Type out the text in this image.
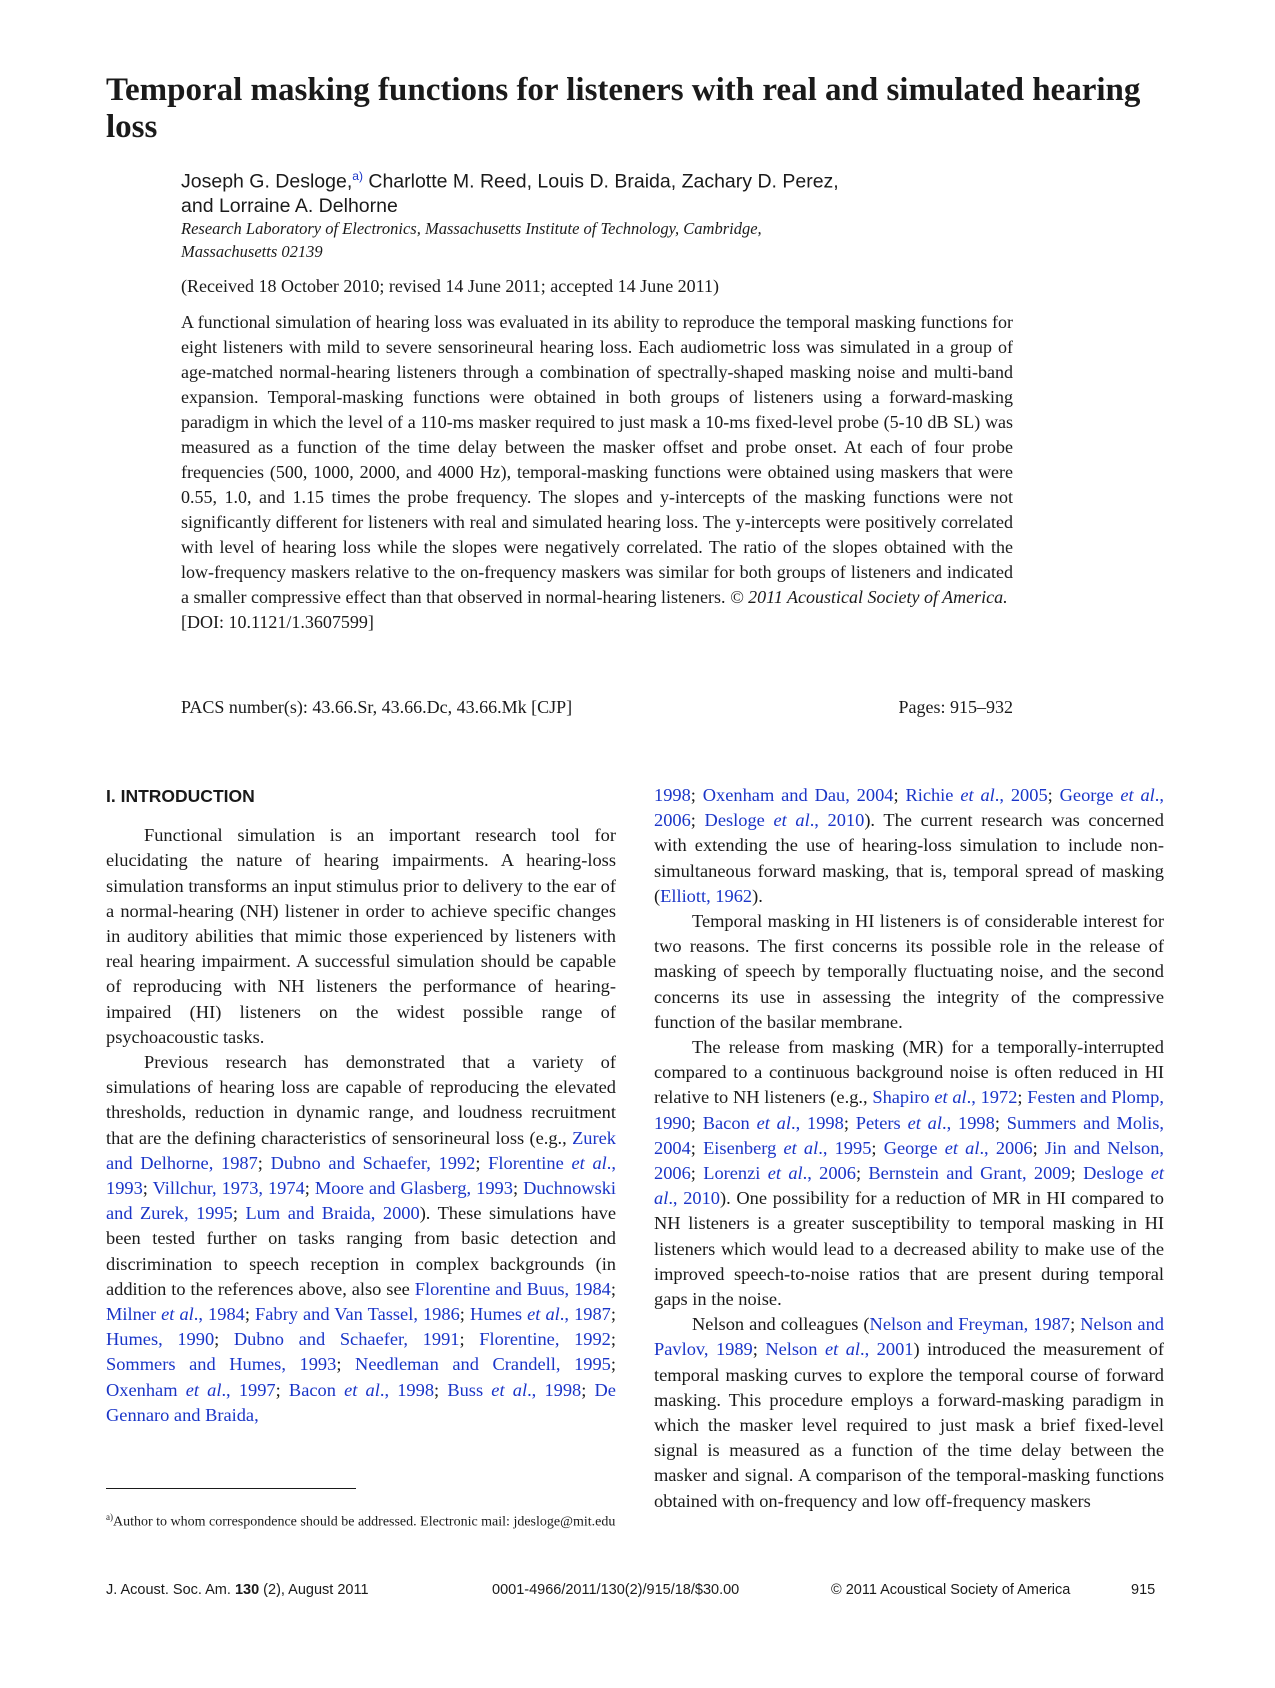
Temporal masking functions for listeners with real and simulated hearing loss
Joseph G. Desloge,$^{a)}$ Charlotte M. Reed, Louis D. Braida, Zachary D. Perez,
and Lorraine A. Delhorne
Research Laboratory of Electronics, Massachusetts Institute of Technology, Cambridge,
Massachusetts 02139
(Received 18 October 2010; revised 14 June 2011; accepted 14 June 2011)
A functional simulation of hearing loss was evaluated in its ability to reproduce the temporal masking functions for eight listeners with mild to severe sensorineural hearing loss. Each audiometric loss was simulated in a group of age-matched normal-hearing listeners through a combination of spectrally-shaped masking noise and multi-band expansion. Temporal-masking functions were obtained in both groups of listeners using a forward-masking paradigm in which the level of a 110-ms masker required to just mask a 10-ms fixed-level probe (5-10 dB SL) was measured as a function of the time delay between the masker offset and probe onset. At each of four probe frequencies (500, 1000, 2000, and 4000 Hz), temporal-masking functions were obtained using maskers that were 0.55, 1.0, and 1.15 times the probe frequency. The slopes and y-intercepts of the masking functions were not significantly different for listeners with real and simulated hearing loss. The y-intercepts were positively correlated with level of hearing loss while the slopes were negatively correlated. The ratio of the slopes obtained with the low-frequency maskers relative to the on-frequency maskers was similar for both groups of listeners and indicated a smaller compressive effect than that observed in normal-hearing listeners. © 2011 Acoustical Society of America.
[DOI: 10.1121/1.3607599]
PACS number(s): 43.66.Sr, 43.66.Dc, 43.66.Mk [CJP]	Pages: 915–932
I. INTRODUCTION

Functional simulation is an important research tool for elucidating the nature of hearing impairments. A hearing-loss simulation transforms an input stimulus prior to delivery to the ear of a normal-hearing (NH) listener in order to achieve specific changes in auditory abilities that mimic those experienced by listeners with real hearing impairment. A successful simulation should be capable of reproducing with NH listeners the performance of hearing-impaired (HI) listeners on the widest possible range of psychoacoustic tasks.

Previous research has demonstrated that a variety of simulations of hearing loss are capable of reproducing the elevated thresholds, reduction in dynamic range, and loudness recruitment that are the defining characteristics of sensorineural loss (e.g., Zurek and Delhorne, 1987; Dubno and Schaefer, 1992; Florentine et al., 1993; Villchur, 1973, 1974; Moore and Glasberg, 1993; Duchnowski and Zurek, 1995; Lum and Braida, 2000). These simulations have been tested further on tasks ranging from basic detection and discrimination to speech reception in complex backgrounds (in addition to the references above, also see Florentine and Buus, 1984; Milner et al., 1984; Fabry and Van Tassel, 1986; Humes et al., 1987; Humes, 1990; Dubno and Schaefer, 1991; Florentine, 1992; Sommers and Humes, 1993; Needleman and Crandell, 1995; Oxenham et al., 1997; Bacon et al., 1998; Buss et al., 1998; De Gennaro and Braida,

$^{a)}$Author to whom correspondence should be addressed. Electronic mail: jdesloge@mit.edu

1998; Oxenham and Dau, 2004; Richie et al., 2005; George et al., 2006; Desloge et al., 2010). The current research was concerned with extending the use of hearing-loss simulation to include non-simultaneous forward masking, that is, temporal spread of masking (Elliott, 1962).

Temporal masking in HI listeners is of considerable interest for two reasons. The first concerns its possible role in the release of masking of speech by temporally fluctuating noise, and the second concerns its use in assessing the integrity of the compressive function of the basilar membrane.

The release from masking (MR) for a temporally-interrupted compared to a continuous background noise is often reduced in HI relative to NH listeners (e.g., Shapiro et al., 1972; Festen and Plomp, 1990; Bacon et al., 1998; Peters et al., 1998; Summers and Molis, 2004; Eisenberg et al., 1995; George et al., 2006; Jin and Nelson, 2006; Lorenzi et al., 2006; Bernstein and Grant, 2009; Desloge et al., 2010). One possibility for a reduction of MR in HI compared to NH listeners is a greater susceptibility to temporal masking in HI listeners which would lead to a decreased ability to make use of the improved speech-to-noise ratios that are present during temporal gaps in the noise.

Nelson and colleagues (Nelson and Freyman, 1987; Nelson and Pavlov, 1989; Nelson et al., 2001) introduced the measurement of temporal masking curves to explore the temporal course of forward masking. This procedure employs a forward-masking paradigm in which the masker level required to just mask a brief fixed-level signal is measured as a function of the time delay between the masker and signal. A comparison of the temporal-masking functions obtained with on-frequency and low off-frequency maskers

J. Acoust. Soc. Am. 130 (2), August 2011	0001-4966/2011/130(2)/915/18/$30.00	© 2011 Acoustical Society of America	915
